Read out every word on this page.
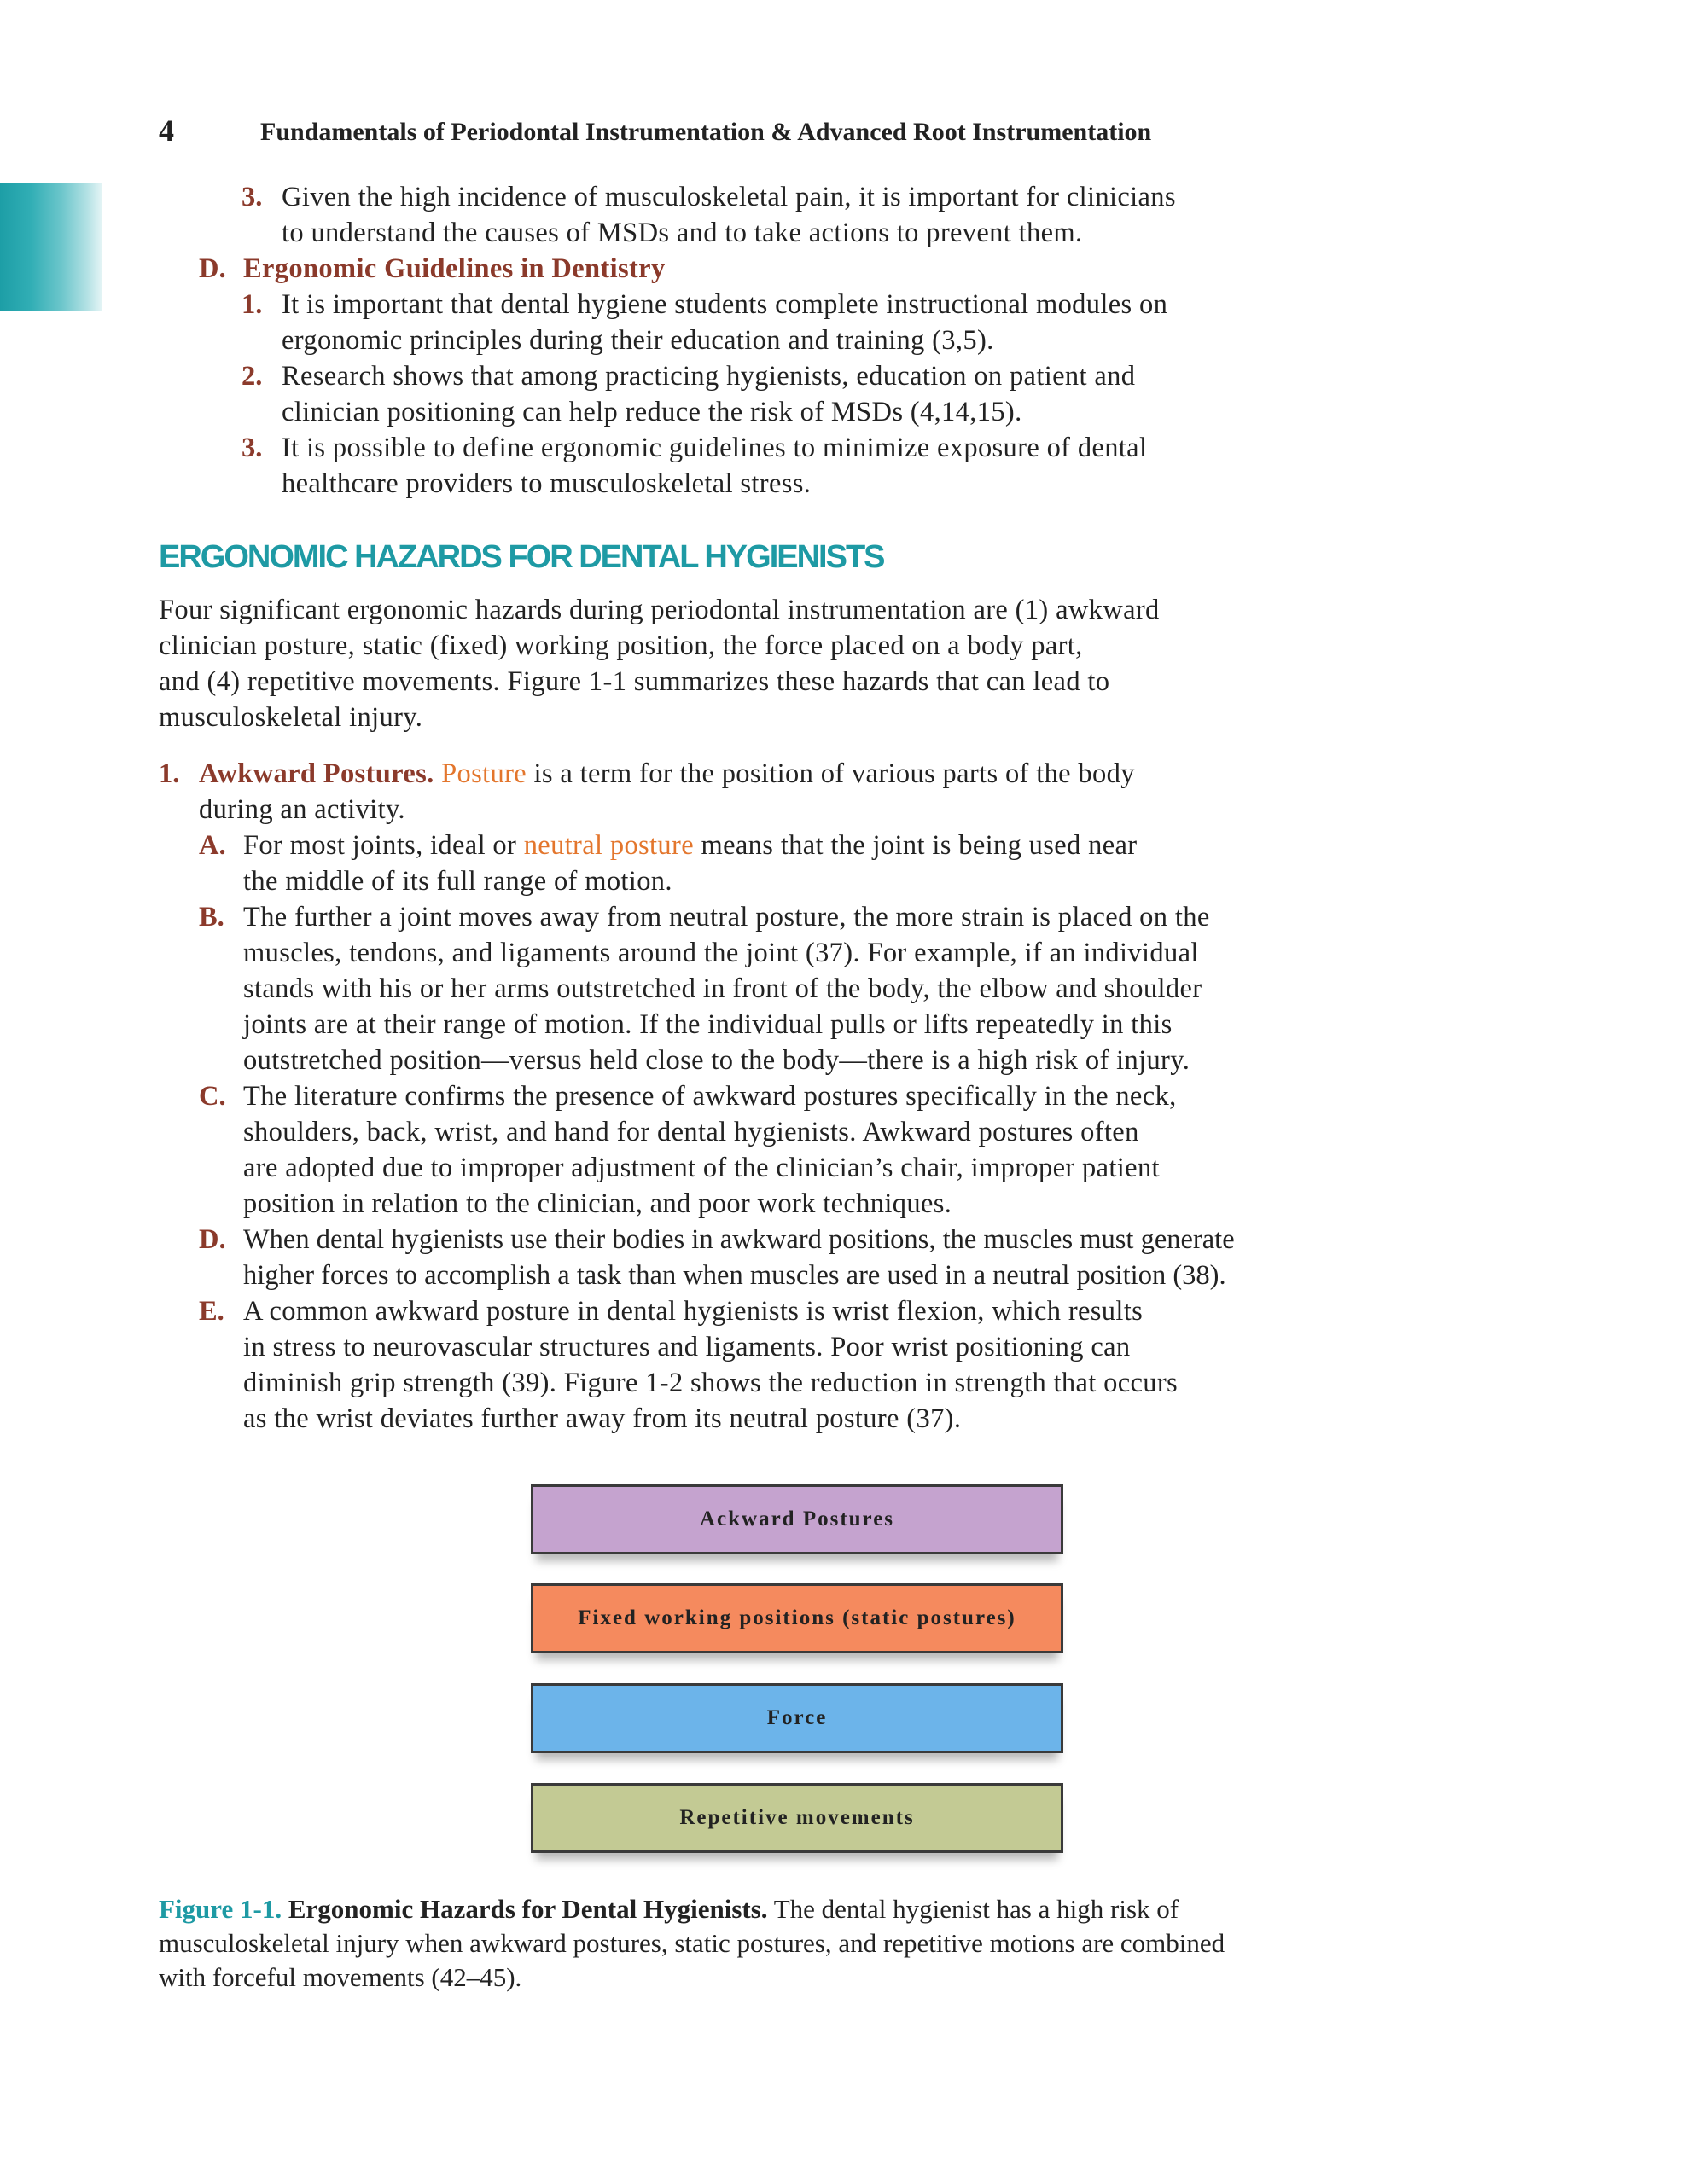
4	Fundamentals of Periodontal Instrumentation & Advanced Root Instrumentation
3. Given the high incidence of musculoskeletal pain, it is important for clinicians
to understand the causes of MSDs and to take actions to prevent them.
D. Ergonomic Guidelines in Dentistry
1. It is important that dental hygiene students complete instructional modules on
ergonomic principles during their education and training (3,5).
2. Research shows that among practicing hygienists, education on patient and
clinician positioning can help reduce the risk of MSDs (4,14,15).
3. It is possible to define ergonomic guidelines to minimize exposure of dental
healthcare providers to musculoskeletal stress.
ERGONOMIC HAZARDS FOR DENTAL HYGIENISTS
Four significant ergonomic hazards during periodontal instrumentation are (1) awkward
clinician posture, static (fixed) working position, the force placed on a body part,
and (4) repetitive movements. Figure 1-1 summarizes these hazards that can lead to
musculoskeletal injury.
1. Awkward Postures. Posture is a term for the position of various parts of the body
during an activity.
A. For most joints, ideal or neutral posture means that the joint is being used near
the middle of its full range of motion.
B. The further a joint moves away from neutral posture, the more strain is placed on the
muscles, tendons, and ligaments around the joint (37). For example, if an individual
stands with his or her arms outstretched in front of the body, the elbow and shoulder
joints are at their range of motion. If the individual pulls or lifts repeatedly in this
outstretched position—versus held close to the body—there is a high risk of injury.
C. The literature confirms the presence of awkward postures specifically in the neck,
shoulders, back, wrist, and hand for dental hygienists. Awkward postures often
are adopted due to improper adjustment of the clinician’s chair, improper patient
position in relation to the clinician, and poor work techniques.
D. When dental hygienists use their bodies in awkward positions, the muscles must generate
higher forces to accomplish a task than when muscles are used in a neutral position (38).
E. A common awkward posture in dental hygienists is wrist flexion, which results
in stress to neurovascular structures and ligaments. Poor wrist positioning can
diminish grip strength (39). Figure 1-2 shows the reduction in strength that occurs
as the wrist deviates further away from its neutral posture (37).
Ackward Postures
Fixed working positions (static postures)
Force
Repetitive movements
Figure 1-1. Ergonomic Hazards for Dental Hygienists. The dental hygienist has a high risk of
musculoskeletal injury when awkward postures, static postures, and repetitive motions are combined
with forceful movements (42–45).
